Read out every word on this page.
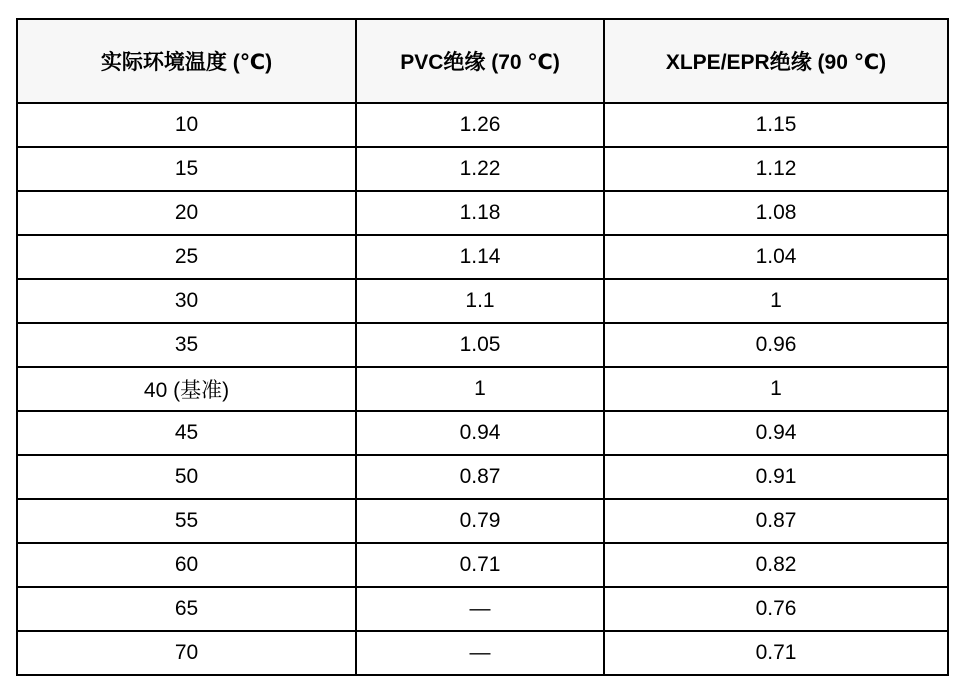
实际环境温度 (℃)	PVC绝缘 (70 ℃)	XLPE/EPR绝缘 (90 ℃)
10	1.26	1.15
15	1.22	1.12
20	1.18	1.08
25	1.14	1.04
30	1.1	1
35	1.05	0.96
40 (基准)	1	1
45	0.94	0.94
50	0.87	0.91
55	0.79	0.87
60	0.71	0.82
65	—	0.76
70	—	0.71
